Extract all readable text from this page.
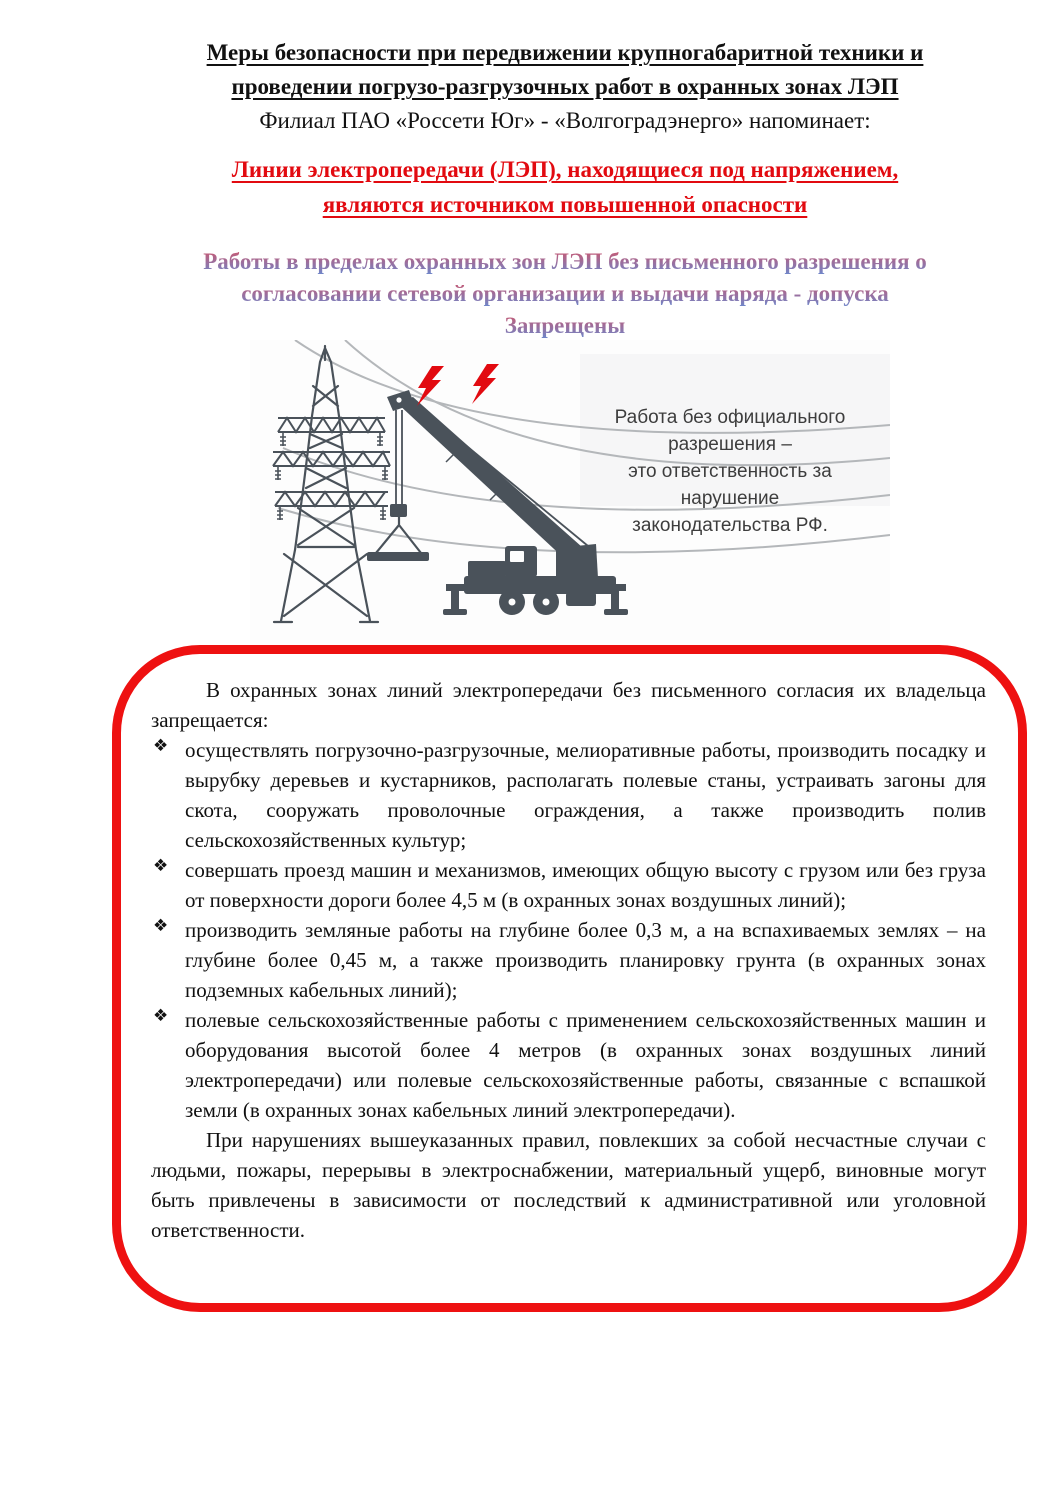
Меры безопасности при передвижении крупногабаритной техники и
проведении погрузо-разгрузочных работ в охранных зонах ЛЭП
Филиал ПАО «Россети Юг» - «Волгоградэнерго» напоминает:
Линии электропередачи (ЛЭП), находящиеся под напряжением,
являются источником повышенной опасности
Работы в пределах охранных зон ЛЭП без письменного разрешения о
согласовании сетевой организации и выдачи наряда - допуска
Запрещены
Работа без официального разрешения –
это ответственность за нарушение
законодательства РФ.

В охранных зонах линий электропередачи без письменного согласия их владельца запрещается:

❖ осуществлять погрузочно-разгрузочные, мелиоративные работы, производить посадку и вырубку деревьев и кустарников, располагать полевые станы, устраивать загоны для скота, сооружать проволочные ограждения, а также производить полив сельскохозяйственных культур;
❖ совершать проезд машин и механизмов, имеющих общую высоту с грузом или без груза от поверхности дороги более 4,5 м (в охранных зонах воздушных линий);
❖ производить земляные работы на глубине более 0,3 м, а на вспахиваемых землях – на глубине более 0,45 м, а также производить планировку грунта (в охранных зонах подземных кабельных линий);
❖ полевые сельскохозяйственные работы с применением сельскохозяйственных машин и оборудования высотой более 4 метров (в охранных зонах воздушных линий электропередачи) или полевые сельскохозяйственные работы, связанные с вспашкой земли (в охранных зонах кабельных линий электропередачи).

При нарушениях вышеуказанных правил, повлекших за собой несчастные случаи с людьми, пожары, перерывы в электроснабжении, материальный ущерб, виновные могут быть привлечены в зависимости от последствий к административной или уголовной ответственности.
